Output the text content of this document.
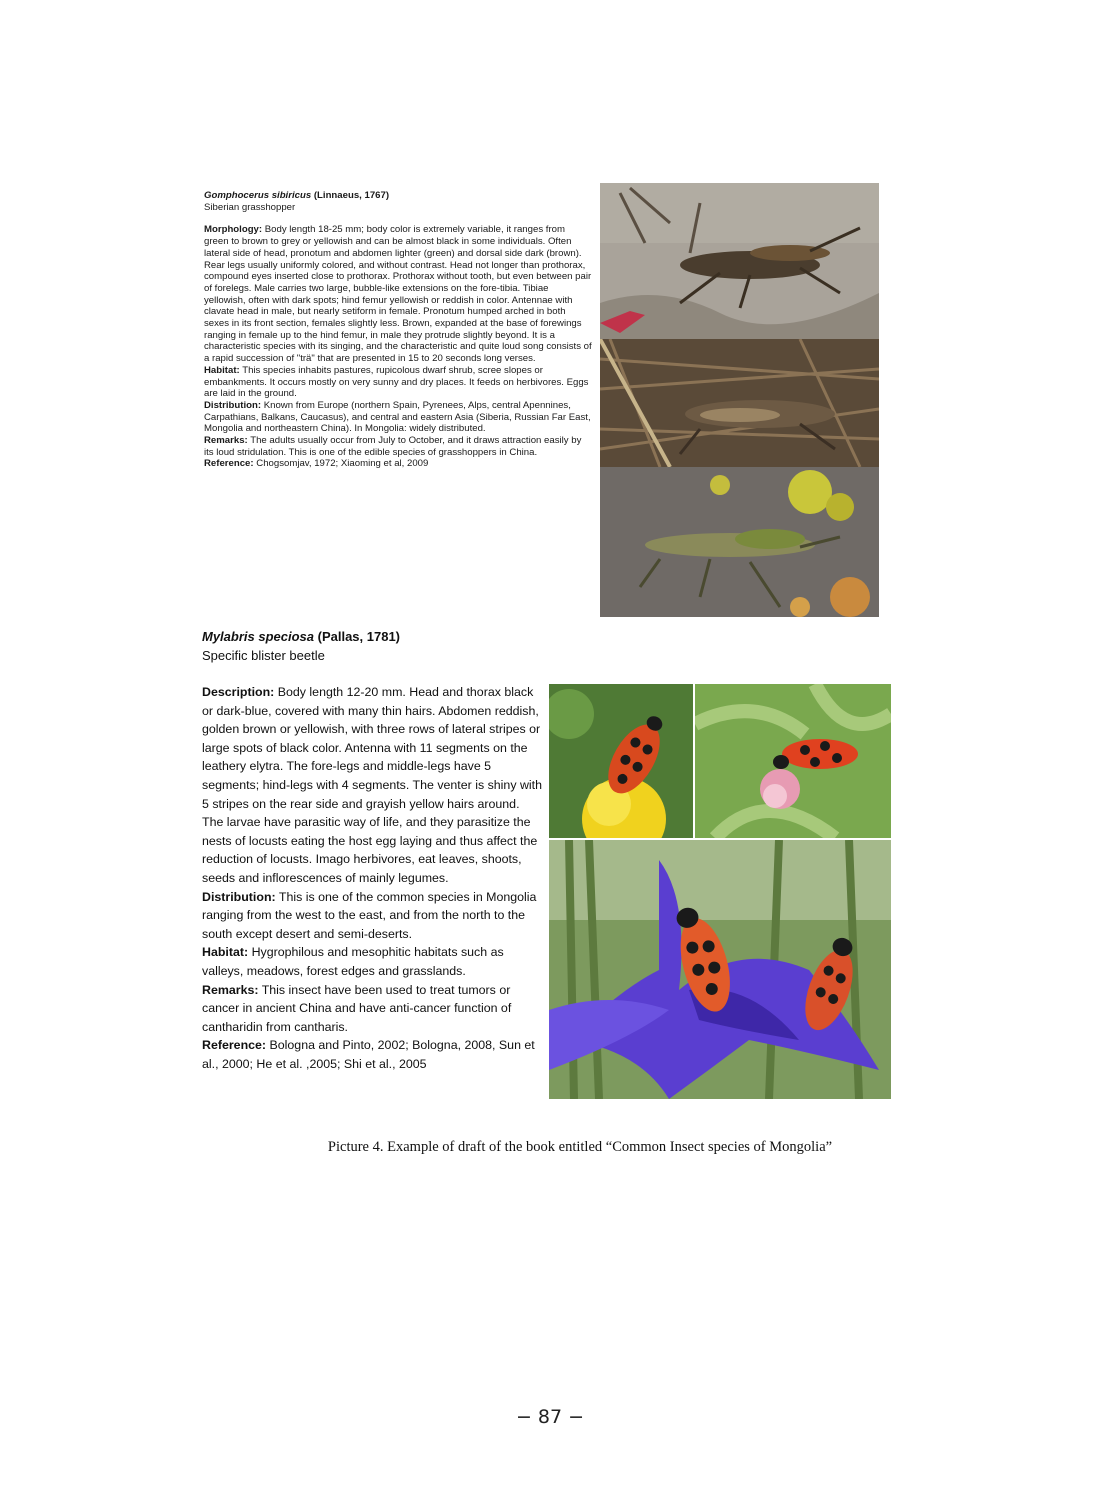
Gomphocerus sibiricus (Linnaeus, 1767)
Siberian grasshopper

Morphology: Body length 18-25 mm; body color is extremely variable, it ranges from green to brown to grey or yellowish and can be almost black in some individuals. Often lateral side of head, pronotum and abdomen lighter (green) and dorsal side dark (brown). Rear legs usually uniformly colored, and without contrast. Head not longer than prothorax, compound eyes inserted close to prothorax. Prothorax without tooth, but even between pair of forelegs. Male carries two large, bubble-like extensions on the fore-tibia. Tibiae yellowish, often with dark spots; hind femur yellowish or reddish in color. Antennae with clavate head in male, but nearly setiform in female. Pronotum humped arched in both sexes in its front section, females slightly less. Brown, expanded at the base of forewings ranging in female up to the hind femur, in male they protrude slightly beyond. It is a characteristic species with its singing, and the characteristic and quite loud song consists of a rapid succession of "trä" that are presented in 15 to 20 seconds long verses.

Habitat: This species inhabits pastures, rupicolous dwarf shrub, scree slopes or embankments. It occurs mostly on very sunny and dry places. It feeds on herbivores. Eggs are laid in the ground.

Distribution: Known from Europe (northern Spain, Pyrenees, Alps, central Apennines, Carpathians, Balkans, Caucasus), and central and eastern Asia (Siberia, Russian Far East, Mongolia and northeastern China). In Mongolia: widely distributed.

Remarks: The adults usually occur from July to October, and it draws attraction easily by its loud stridulation. This is one of the edible species of grasshoppers in China.

Reference: Chogsomjav, 1972; Xiaoming et al, 2009

Mylabris speciosa (Pallas, 1781)
Specific blister beetle

Description: Body length 12-20 mm. Head and thorax black or dark-blue, covered with many thin hairs. Abdomen reddish, golden brown or yellowish, with three rows of lateral stripes or large spots of black color. Antenna with 11 segments on the leathery elytra. The fore-legs and middle-legs have 5 segments; hind-legs with 4 segments. The venter is shiny with 5 stripes on the rear side and grayish yellow hairs around. The larvae have parasitic way of life, and they parasitize the nests of locusts eating the host egg laying and thus affect the reduction of locusts. Imago herbivores, eat leaves, shoots, seeds and inflorescences of mainly legumes.

Distribution: This is one of the common species in Mongolia ranging from the west to the east, and from the north to the south except desert and semi-deserts.

Habitat: Hygrophilous and mesophitic habitats such as valleys, meadows, forest edges and grasslands.

Remarks: This insect have been used to treat tumors or cancer in ancient China and have anti-cancer function of cantharidin from cantharis.

Reference: Bologna and Pinto, 2002; Bologna, 2008, Sun et al., 2000; He et al. ,2005; Shi et al., 2005

Picture 4. Example of draft of the book entitled “Common Insect species of Mongolia”
− 87 −
